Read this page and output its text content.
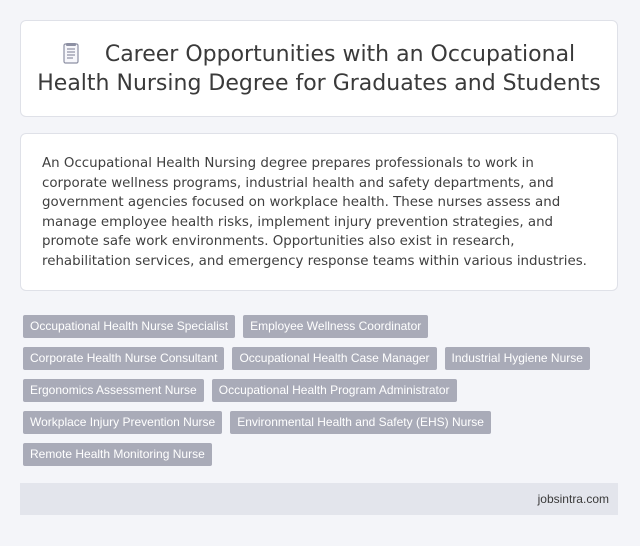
Career Opportunities with an Occupational Health Nursing Degree for Graduates and Students

An Occupational Health Nursing degree prepares professionals to work in corporate wellness programs, industrial health and safety departments, and government agencies focused on workplace health. These nurses assess and manage employee health risks, implement injury prevention strategies, and promote safe work environments. Opportunities also exist in research, rehabilitation services, and emergency response teams within various industries.

Occupational Health Nurse Specialist	Employee Wellness Coordinator
Corporate Health Nurse Consultant	Occupational Health Case Manager	Industrial Hygiene Nurse
Ergonomics Assessment Nurse	Occupational Health Program Administrator
Workplace Injury Prevention Nurse	Environmental Health and Safety (EHS) Nurse
Remote Health Monitoring Nurse
jobsintra.com
